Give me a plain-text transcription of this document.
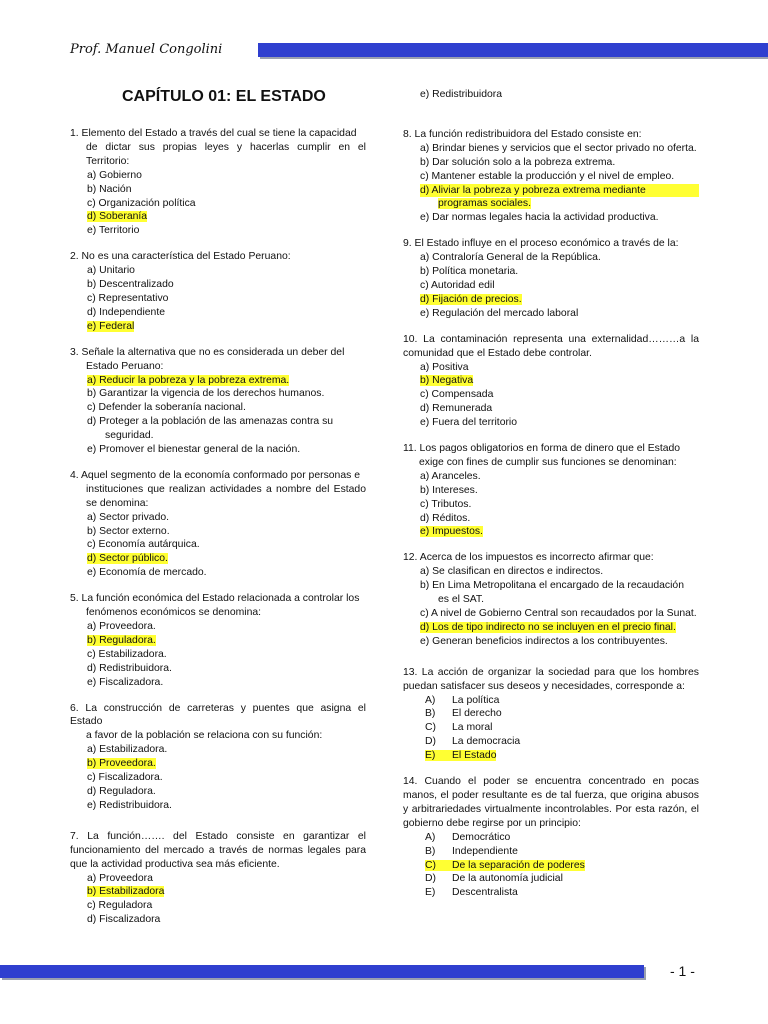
Prof. Manuel Congolini
CAPÍTULO 01: EL ESTADO
1. Elemento del Estado a través del cual se tiene la capacidad
de dictar sus propias leyes y hacerlas cumplir en el Territorio:
a) Gobierno
b) Nación
c) Organización política
d) Soberanía
e) Territorio
2. No es una característica del Estado Peruano:
a) Unitario
b) Descentralizado
c) Representativo
d) Independiente
e) Federal
3. Señale la alternativa que no es considerada un deber del
Estado Peruano:
a) Reducir la pobreza y la pobreza extrema.
b) Garantizar la vigencia de los derechos humanos.
c) Defender la soberanía nacional.
d) Proteger a la población de las amenazas contra su
seguridad.
e) Promover el bienestar general de la nación.
4. Aquel segmento de la economía conformado por personas e
instituciones que realizan actividades a nombre del Estado se denomina:
a) Sector privado.
b) Sector externo.
c) Economía autárquica.
d) Sector público.
e) Economía de mercado.
5. La función económica del Estado relacionada a controlar los
fenómenos económicos se denomina:
a) Proveedora.
b) Reguladora.
c) Estabilizadora.
d) Redistribuidora.
e) Fiscalizadora.
6. La construcción de carreteras y puentes que asigna el Estado
a favor de la población se relaciona con su función:
a) Estabilizadora.
b) Proveedora.
c) Fiscalizadora.
d) Reguladora.
e) Redistribuidora.
7. La función……. del Estado consiste en garantizar el funcionamiento del mercado a través de normas legales para que la actividad productiva sea más eficiente.
a) Proveedora
b) Estabilizadora
c) Reguladora
d) Fiscalizadora
e) Redistribuidora
8. La función redistribuidora del Estado consiste en:
a) Brindar bienes y servicios que el sector privado no oferta.
b) Dar solución solo a la pobreza extrema.
c) Mantener estable la producción y el nivel de empleo.
d) Aliviar la pobreza y pobreza extrema mediante
programas sociales.
e) Dar normas legales hacia la actividad productiva.
9. El Estado influye en el proceso económico a través de la:
a) Contraloría General de la República.
b) Política monetaria.
c) Autoridad edil
d) Fijación de precios.
e) Regulación del mercado laboral
10. La contaminación representa una externalidad………a la comunidad que el Estado debe controlar.
a) Positiva
b) Negativa
c) Compensada
d) Remunerada
e) Fuera del territorio
11. Los pagos obligatorios en forma de dinero que el Estado
exige con fines de cumplir sus funciones se denominan:
a) Aranceles.
b) Intereses.
c) Tributos.
d) Réditos.
e) Impuestos.
12. Acerca de los impuestos es incorrecto afirmar que:
a) Se clasifican en directos e indirectos.
b) En Lima Metropolitana el encargado de la recaudación
es el SAT.
c) A nivel de Gobierno Central son recaudados por la Sunat.
d) Los de tipo indirecto no se incluyen en el precio final.
e) Generan beneficios indirectos a los contribuyentes.
13. La acción de organizar la sociedad para que los hombres puedan satisfacer sus deseos y necesidades, corresponde a:
A) La política
B) El derecho
C) La moral
D) La democracia
E) El Estado
14. Cuando el poder se encuentra concentrado en pocas manos, el poder resultante es de tal fuerza, que origina abusos y arbitrariedades virtualmente incontrolables. Por esta razón, el gobierno debe regirse por un principio:
A) Democrático
B) Independiente
C) De la separación de poderes
D) De la autonomía judicial
E) Descentralista
- 1 -
